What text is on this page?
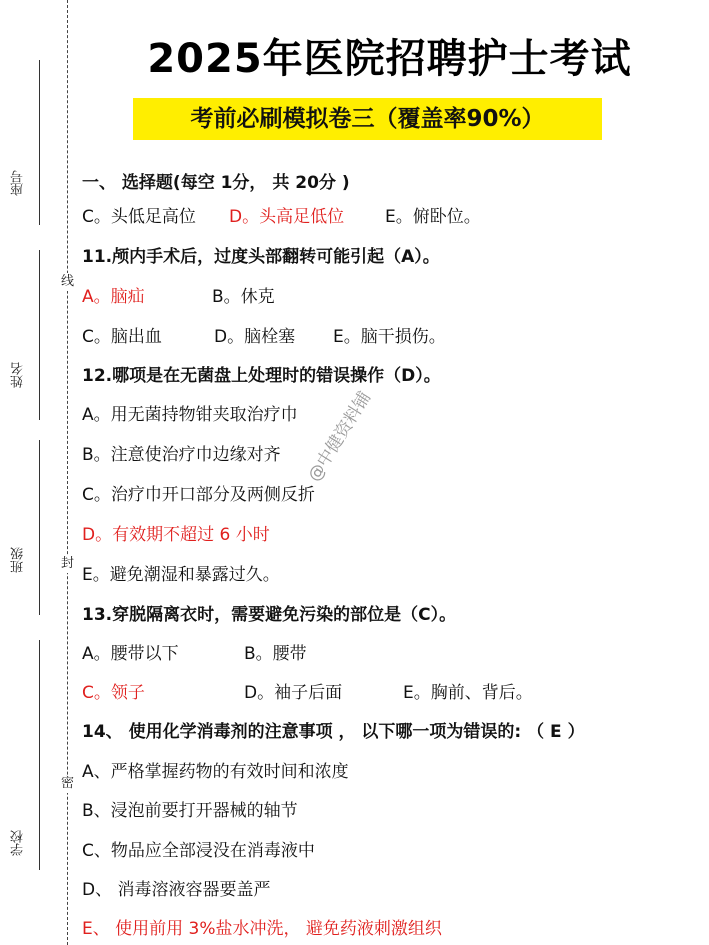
座号
姓名
班级
学校
线
封
密
2025年医院招聘护士考试
考前必刷模拟卷三（覆盖率90%）
一、 选择题(每空 1分， 共 20分 )
C。头低足高位 D。头高足低位 E。俯卧位。
11.颅内手术后，过度头部翻转可能引起（A）。
A。脑疝	B。休克
C。脑出血	D。脑栓塞 E。脑干损伤。
12.哪项是在无菌盘上处理时的错误操作（D）。
A。用无菌持物钳夹取治疗巾
B。注意使治疗巾边缘对齐
C。治疗巾开口部分及两侧反折
D。有效期不超过 6 小时
E。避免潮湿和暴露过久。
13.穿脱隔离衣时，需要避免污染的部位是（C）。
A。腰带以下	B。腰带
C。领子	D。袖子后面	E。胸前、背后。
14、 使用化学消毒剂的注意事项 ， 以下哪一项为错误的: （ E ）
A、严格掌握药物的有效时间和浓度
B、浸泡前要打开器械的轴节
C、物品应全部浸没在消毒液中
D、 消毒溶液容器要盖严
E、 使用前用 3%盐水冲洗， 避免药液刺激组织
@中健资料铺
